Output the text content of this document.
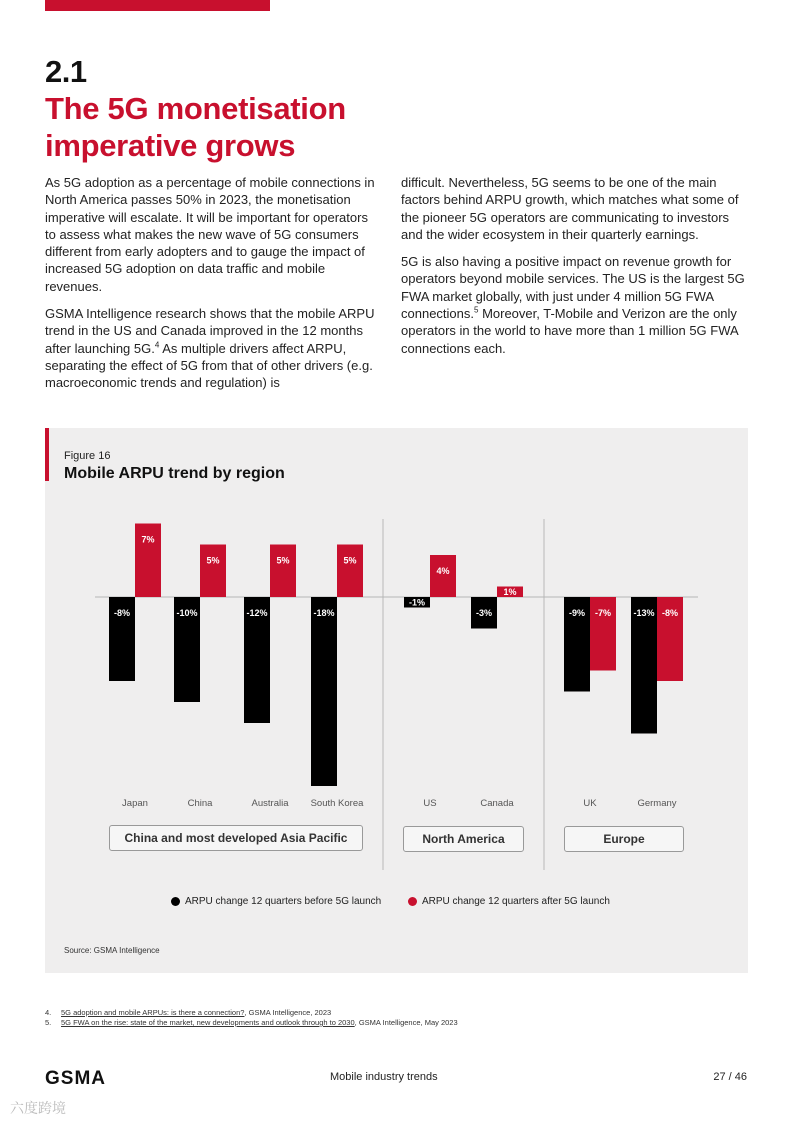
2.1
The 5G monetisation imperative grows

As 5G adoption as a percentage of mobile connections in North America passes 50% in 2023, the monetisation imperative will escalate. It will be important for operators to assess what makes the new wave of 5G consumers different from early adopters and to gauge the impact of increased 5G adoption on data traffic and mobile revenues.

GSMA Intelligence research shows that the mobile ARPU trend in the US and Canada improved in the 12 months after launching 5G.$^4$ As multiple drivers affect ARPU, separating the effect of 5G from that of other drivers (e.g. macroeconomic trends and regulation) is

difficult. Nevertheless, 5G seems to be one of the main factors behind ARPU growth, which matches what some of the pioneer 5G operators are communicating to investors and the wider ecosystem in their quarterly earnings.

5G is also having a positive impact on revenue growth for operators beyond mobile services. The US is the largest 5G FWA market globally, with just under 4 million 5G FWA connections.$^5$ Moreover, T-Mobile and Verizon are the only operators in the world to have more than 1 million 5G FWA connections each.

Figure 16
Mobile ARPU trend by region
-8%
7%
Japan
-10%
5%
China
-12%
5%
Australia
-18%
5%
South Korea
-1%
4%
US
-3%
1%
Canada
-9% -7%
UK
-13% -8%
Germany
China and most developed Asia Pacific	North America	Europe
ARPU change 12 quarters before 5G launch	ARPU change 12 quarters after 5G launch
Source: GSMA Intelligence
4. 5G adoption and mobile ARPUs: is there a connection?, GSMA Intelligence, 2023
5. 5G FWA on the rise: state of the market, new developments and outlook through to 2030, GSMA Intelligence, May 2023
GSMA	Mobile industry trends	27 / 46
六度跨境
